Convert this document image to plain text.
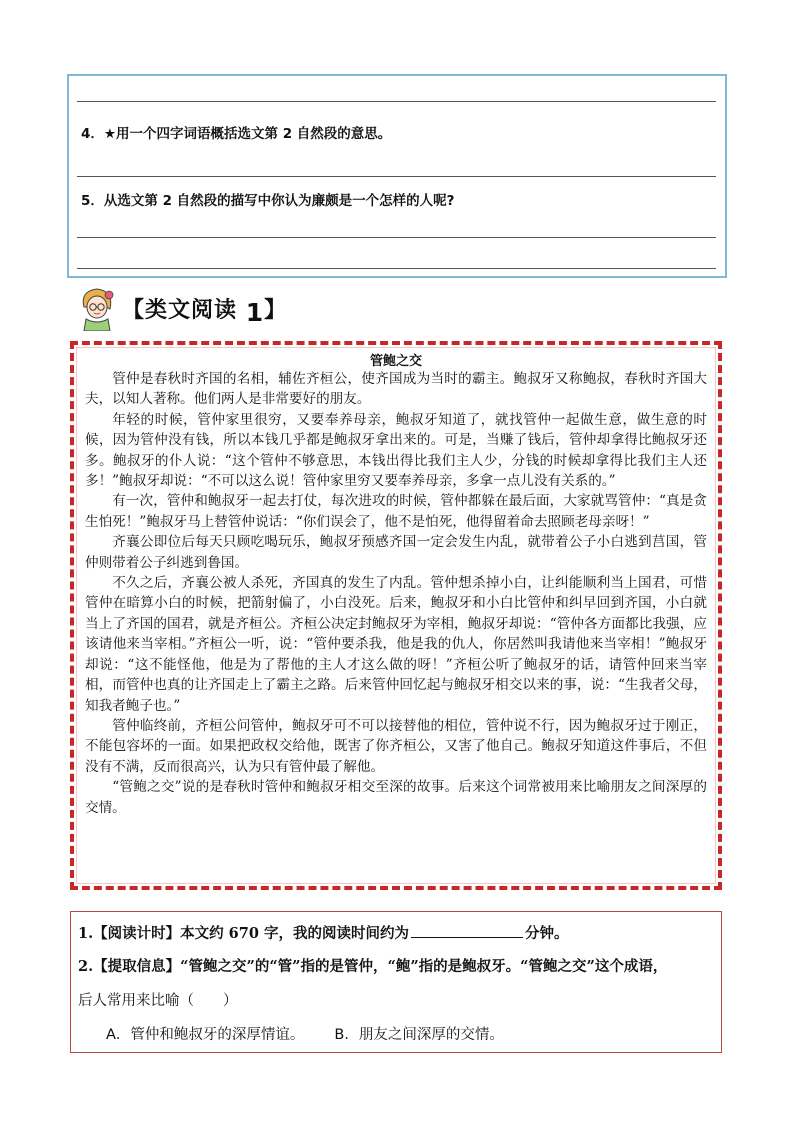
4．★用一个四字词语概括选文第 2 自然段的意思。
5．从选文第 2 自然段的描写中你认为廉颇是一个怎样的人呢?
【类文阅读 1】
管鲍之交

管仲是春秋时齐国的名相，辅佐齐桓公，使齐国成为当时的霸主。鲍叔牙又称鲍叔，春秋时齐国大夫，以知人著称。他们两人是非常要好的朋友。

年轻的时候，管仲家里很穷，又要奉养母亲，鲍叔牙知道了，就找管仲一起做生意，做生意的时候，因为管仲没有钱，所以本钱几乎都是鲍叔牙拿出来的。可是，当赚了钱后，管仲却拿得比鲍叔牙还多。鲍叔牙的仆人说：“这个管仲不够意思，本钱出得比我们主人少，分钱的时候却拿得比我们主人还多！”鲍叔牙却说：“不可以这么说！管仲家里穷又要奉养母亲，多拿一点儿没有关系的。”

有一次，管仲和鲍叔牙一起去打仗，每次进攻的时候，管仲都躲在最后面，大家就骂管仲：“真是贪生怕死！”鲍叔牙马上替管仲说话：“你们误会了，他不是怕死，他得留着命去照顾老母亲呀！”

齐襄公即位后每天只顾吃喝玩乐，鲍叔牙预感齐国一定会发生内乱，就带着公子小白逃到莒国，管仲则带着公子纠逃到鲁国。

不久之后，齐襄公被人杀死，齐国真的发生了内乱。管仲想杀掉小白，让纠能顺利当上国君，可惜管仲在暗算小白的时候，把箭射偏了，小白没死。后来，鲍叔牙和小白比管仲和纠早回到齐国，小白就当上了齐国的国君，就是齐桓公。齐桓公决定封鲍叔牙为宰相，鲍叔牙却说：“管仲各方面都比我强，应该请他来当宰相。”齐桓公一听，说：“管仲要杀我，他是我的仇人，你居然叫我请他来当宰相！”鲍叔牙却说：“这不能怪他，他是为了帮他的主人才这么做的呀！”齐桓公听了鲍叔牙的话，请管仲回来当宰相，而管仲也真的让齐国走上了霸主之路。后来管仲回忆起与鲍叔牙相交以来的事，说：“生我者父母，知我者鲍子也。”

管仲临终前，齐桓公问管仲，鲍叔牙可不可以接替他的相位，管仲说不行，因为鲍叔牙过于刚正，不能包容坏的一面。如果把政权交给他，既害了你齐桓公，又害了他自己。鲍叔牙知道这件事后，不但没有不满，反而很高兴，认为只有管仲最了解他。

“管鲍之交”说的是春秋时管仲和鲍叔牙相交至深的故事。后来这个词常被用来比喻朋友之间深厚的交情。

1.【阅读计时】本文约 670 字，我的阅读时间约为	分钟。
2.【提取信息】“管鲍之交”的“管”指的是管仲，“鲍”指的是鲍叔牙。“管鲍之交”这个成语，
后人常用来比喻（　　）
A．管仲和鲍叔牙的深厚情谊。 B．朋友之间深厚的交情。
